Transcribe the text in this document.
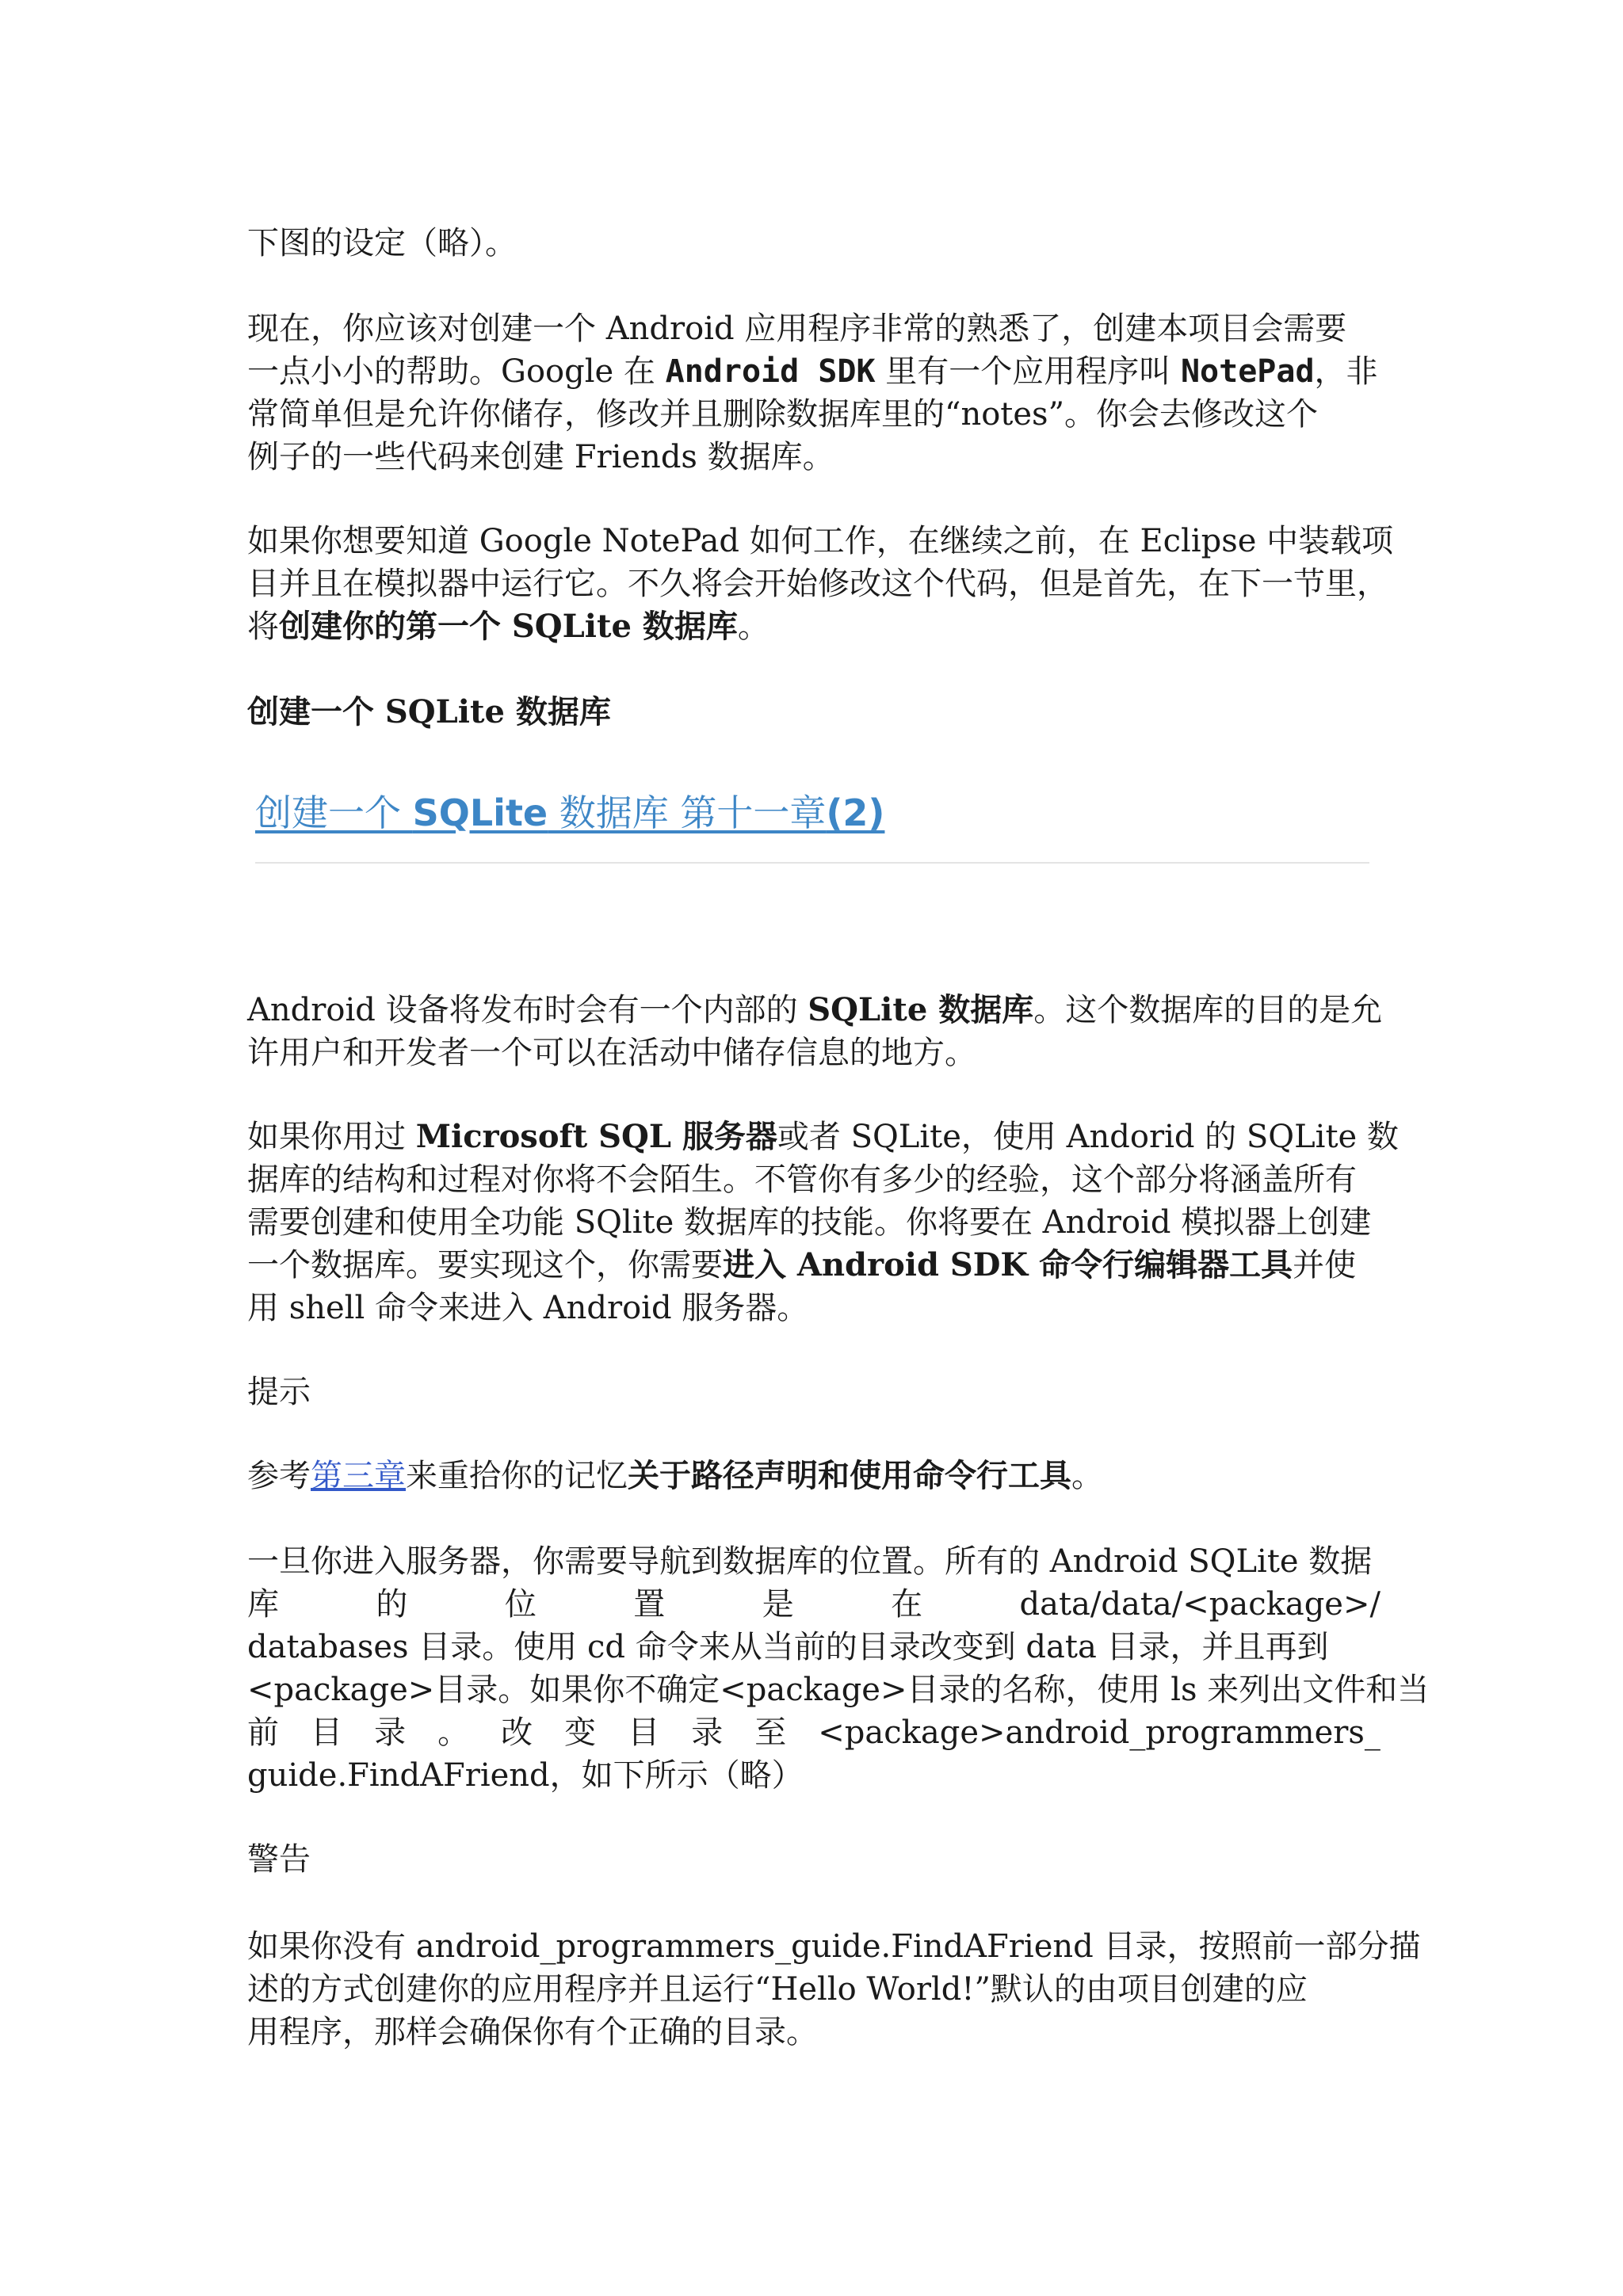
下图的设定（略）。

现在，你应该对创建一个 Android 应用程序非常的熟悉了，创建本项目会需要
一点小小的帮助。Google 在 Android SDK 里有一个应用程序叫 NotePad，非
常简单但是允许你储存，修改并且删除数据库里的“notes”。你会去修改这个
例子的一些代码来创建 Friends 数据库。

如果你想要知道 Google NotePad 如何工作，在继续之前，在 Eclipse 中装载项
目并且在模拟器中运行它。不久将会开始修改这个代码，但是首先，在下一节里，
将创建你的第一个 SQLite 数据库。

创建一个 SQLite 数据库

创建一个 SQLite 数据库 第十一章(2)

Android 设备将发布时会有一个内部的 SQLite 数据库。这个数据库的目的是允
许用户和开发者一个可以在活动中储存信息的地方。

如果你用过 Microsoft SQL 服务器或者 SQLite，使用 Andorid 的 SQLite 数
据库的结构和过程对你将不会陌生。不管你有多少的经验，这个部分将涵盖所有
需要创建和使用全功能 SQlite 数据库的技能。你将要在 Android 模拟器上创建
一个数据库。要实现这个，你需要进入 Android SDK 命令行编辑器工具并使
用 shell 命令来进入 Android 服务器。

提示

参考第三章来重拾你的记忆关于路径声明和使用命令行工具。

一旦你进入服务器，你需要导航到数据库的位置。所有的 Android SQLite 数据
库	的	位	置	是	在	data/data/<package>/
databases 目录。使用 cd 命令来从当前的目录改变到 data 目录，并且再到
<package>目录。如果你不确定<package>目录的名称，使用 ls 来列出文件和当
前 目 录 。 改 变 目 录 至 <package>android_programmers_
guide.FindAFriend，如下所示（略）

警告

如果你没有 android_programmers_guide.FindAFriend 目录，按照前一部分描
述的方式创建你的应用程序并且运行“Hello World!”默认的由项目创建的应
用程序，那样会确保你有个正确的目录。
